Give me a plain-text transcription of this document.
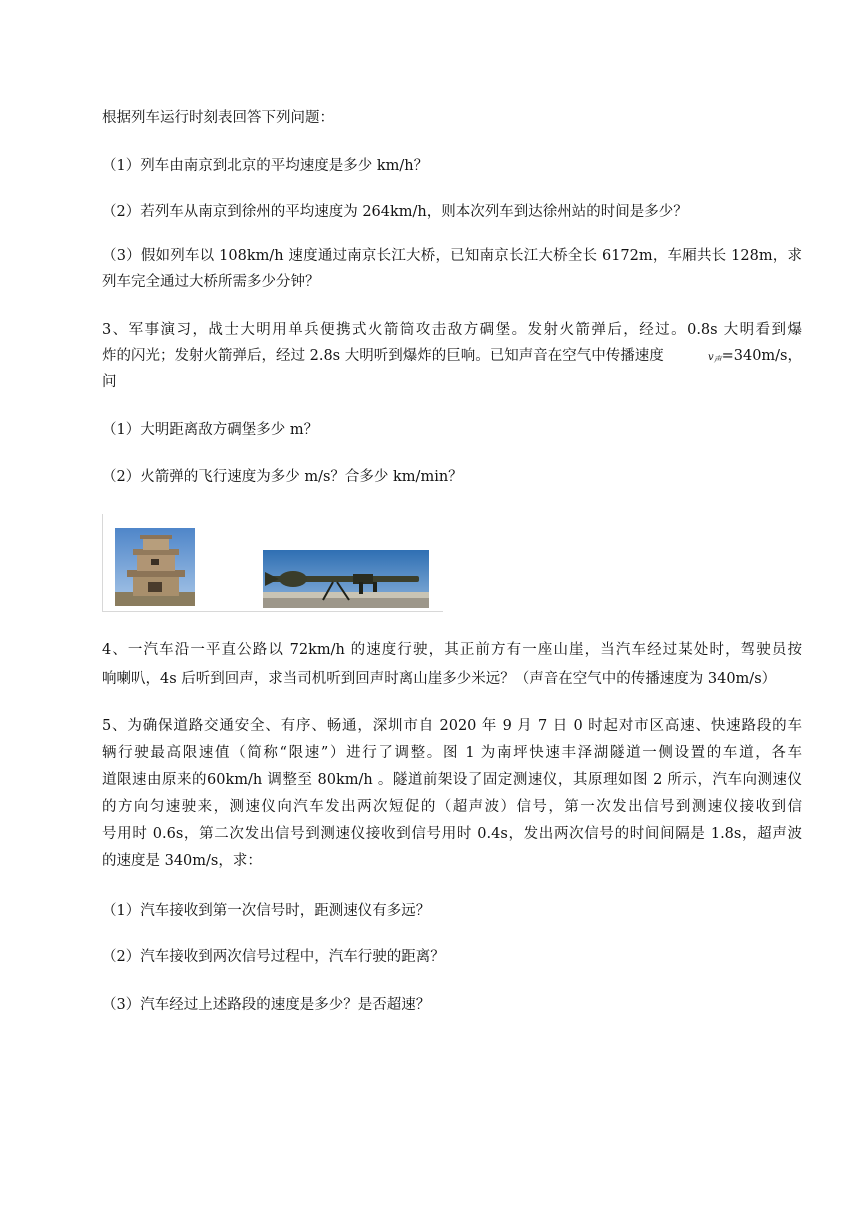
根据列车运行时刻表回答下列问题：
（1）列车由南京到北京的平均速度是多少 km/h？
（2）若列车从南京到徐州的平均速度为 264km/h，则本次列车到达徐州站的时间是多少？
（3）假如列车以 108km/h 速度通过南京长江大桥，已知南京长江大桥全长 6172m，车厢共长 128m，求
列车完全通过大桥所需多少分钟？
3、军事演习，战士大明用单兵便携式火箭筒攻击敌方碉堡。发射火箭弹后，经过。0.8s 大明看到爆
炸的闪光；发射火箭弹后，经过 2.8s 大明听到爆炸的巨响。已知声音在空气中传播速度	$v_声=340m/s$，
问
（1）大明距离敌方碉堡多少 m？
（2）火箭弹的飞行速度为多少 m/s？合多少 km/min？
4、一汽车沿一平直公路以 72km/h 的速度行驶，其正前方有一座山崖，当汽车经过某处时，驾驶员按
响喇叭，4s 后听到回声，求当司机听到回声时离山崖多少米远？（声音在空气中的传播速度为 340m/s）
5、为确保道路交通安全、有序、畅通，深圳市自 2020 年 9 月 7 日 0 时起对市区高速、快速路段的车
辆行驶最高限速值（简称“限速”）进行了调整。图 1 为南坪快速丰泽湖隧道一侧设置的车道，各车
道限速由原来的60km/h 调整至 80km/h 。隧道前架设了固定测速仪，其原理如图 2 所示，汽车向测速仪
的方向匀速驶来，测速仪向汽车发出两次短促的（超声波）信号，第一次发出信号到测速仪接收到信
号用时 0.6s，第二次发出信号到测速仪接收到信号用时 0.4s，发出两次信号的时间间隔是 1.8s，超声波
的速度是 340m/s，求：
（1）汽车接收到第一次信号时，距测速仪有多远？
（2）汽车接收到两次信号过程中，汽车行驶的距离？
（3）汽车经过上述路段的速度是多少？是否超速？
